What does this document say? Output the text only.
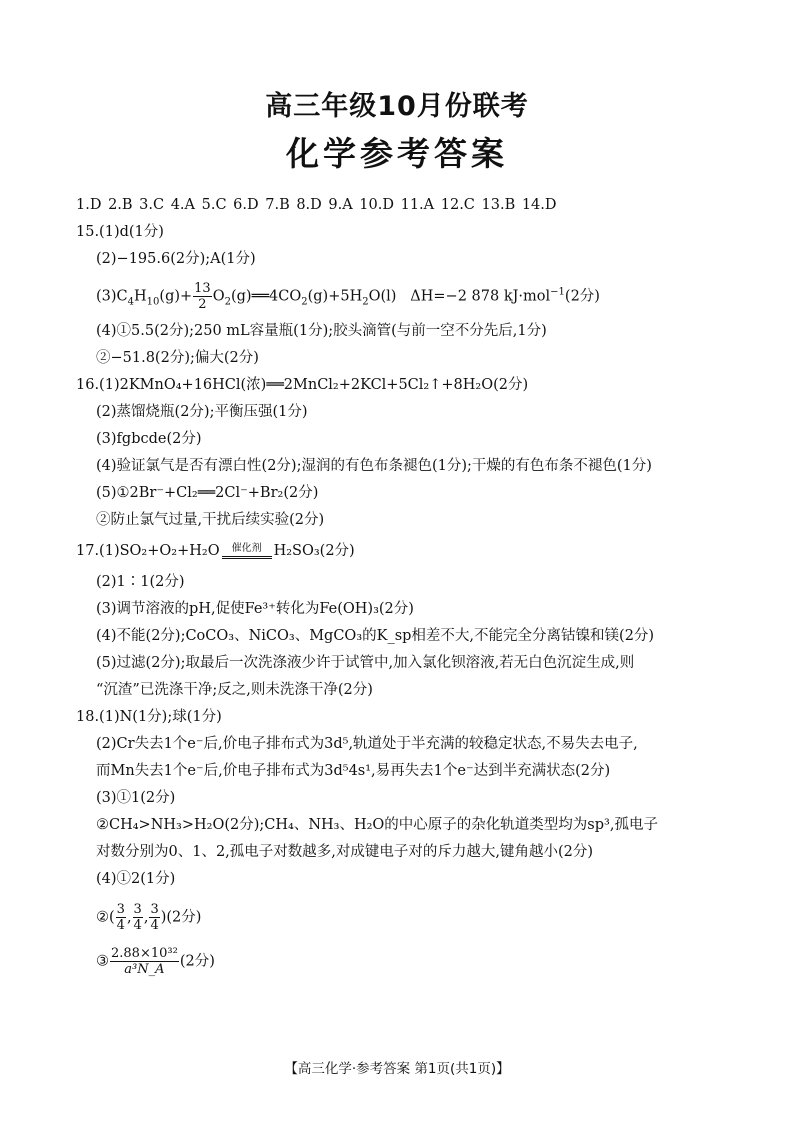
高三年级10月份联考
化学参考答案
1.D 2.B 3.C 4.A 5.C 6.D 7.B 8.D 9.A 10.D 11.A 12.C 13.B 14.D
15.(1)d(1分)
(2)−195.6(2分);A(1分)
$(3)C_4H_{10}(g)+ \frac{13}{2}$ $O_2(g)══4CO_2(g)+5H_2O(l)$   ΔH=−2 878 kJ·mol$^{-1}$(2分)
(4)①5.5(2分);250 mL容量瓶(1分);胶头滴管(与前一空不分先后,1分)
②−51.8(2分);偏大(2分)
16.(1)2KMnO₄+16HCl(浓)══2MnCl₂+2KCl+5Cl₂↑+8H₂O(2分)
(2)蒸馏烧瓶(2分);平衡压强(1分)
(3)fgbcde(2分)
(4)验证氯气是否有漂白性(2分);湿润的有色布条褪色(1分);干燥的有色布条不褪色(1分)
(5)①2Br⁻+Cl₂══2Cl⁻+Br₂(2分)
②防止氯气过量,干扰后续实验(2分)
17.(1)SO₂+O₂+H₂O	催化剂 H₂SO₃(2分)
(2)1∶1(2分)
(3)调节溶液的pH,促使Fe³⁺转化为Fe(OH)₃(2分)
(4)不能(2分);CoCO₃、NiCO₃、MgCO₃的K_sp相差不大,不能完全分离钴镍和镁(2分)
(5)过滤(2分);取最后一次洗涤液少许于试管中,加入氯化钡溶液,若无白色沉淀生成,则
“沉渣”已洗涤干净;反之,则未洗涤干净(2分)
18.(1)N(1分);球(1分)
(2)Cr失去1个e⁻后,价电子排布式为3d⁵,轨道处于半充满的较稳定状态,不易失去电子,
而Mn失去1个e⁻后,价电子排布式为3d⁵4s¹,易再失去1个e⁻达到半充满状态(2分)
(3)①1(2分)
②CH₄>NH₃>H₂O(2分);CH₄、NH₃、H₂O的中心原子的杂化轨道类型均为sp³,孤电子
对数分别为0、1、2,孤电子对数越多,对成键电子对的斥力越大,键角越小(2分)
(4)①2(1分)
②( $\frac{3}{4}$ , $\frac{3}{4}$ , $\frac{3}{4} )(2$分)
③ $\frac{\text{2.88×10³²}}{\text{a³N\_A}} (2$分)
【高三化学·参考答案 第1页(共1页)】
